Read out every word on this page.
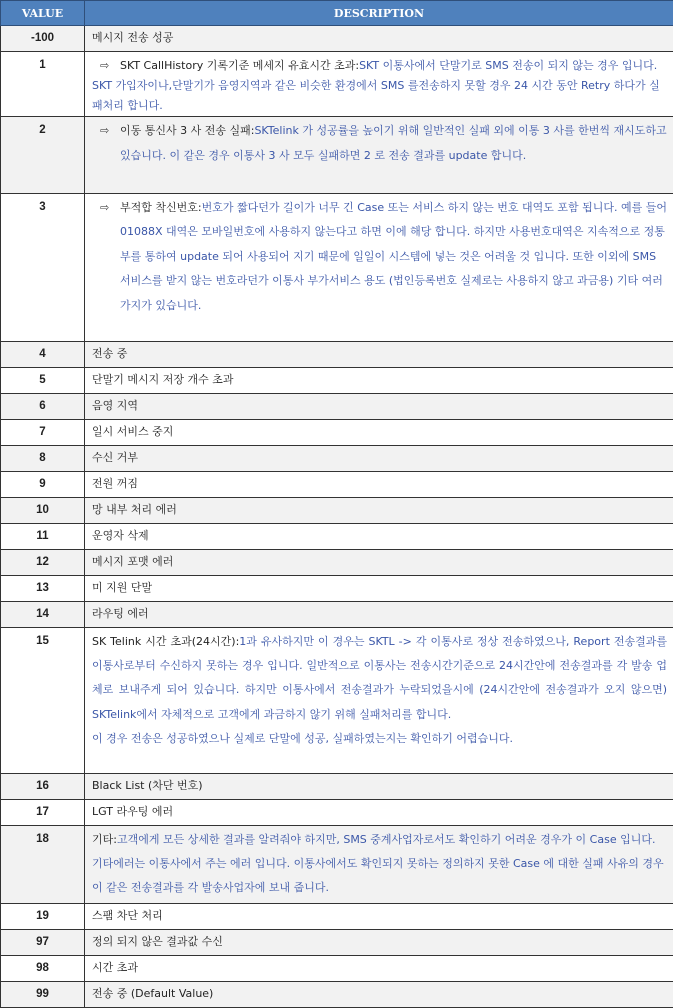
VALUE	DESCRIPTION
-100	메시지 전송 성공
1	⇨ SKT CallHistory 기록기준 메세지 유효시간 초과:SKT 이통사에서 단말기로 SMS 전송이 되지 않는 경우 입니다. SKT 가입자이나,단말기가 음영지역과 같은 비슷한 환경에서 SMS 를전송하지 못할 경우 24 시간 동안 Retry 하다가 실패처리 합니다.

2	⇨ 이동 통신사 3 사 전송 실패:SKTelink 가 성공률을 높이기 위해 일반적인 실패 외에 이통 3 사를 한번씩 재시도하고 있습니다. 이 같은 경우 이통사 3 사 모두 실패하면 2 로 전송 결과를 update 합니다.

3	⇨ 부적합 착신번호:번호가 짧다던가 길이가 너무 긴 Case 또는 서비스 하지 않는 번호 대역도 포함 됩니다. 예를 들어 01088X 대역은 모바일번호에 사용하지 않는다고 하면 이에 해당 합니다. 하지만 사용번호대역은 지속적으로 정통부를 통하여 update 되어 사용되어 지기 때문에 일일이 시스템에 넣는 것은 어려울 것 입니다. 또한 이외에 SMS 서비스를 받지 않는 번호라던가 이통사 부가서비스 용도 (법인등록번호 실제로는 사용하지 않고 과금용) 기타 여러 가지가 있습니다.

4	전송 중
5	단말기 메시지 저장 개수 초과
6	음영 지역
7	일시 서비스 중지
8	수신 거부
9	전원 꺼짐
10	망 내부 처리 에러
11	운영자 삭제
12	메시지 포맷 에러
13	미 지원 단말
14	라우팅 에러
15	SK Telink 시간 초과(24시간):1과 유사하지만 이 경우는 SKTL -> 각 이통사로 정상 전송하였으나, Report 전송결과를 이통사로부터 수신하지 못하는 경우 입니다. 일반적으로 이통사는 전송시간기준으로 24시간안에 전송결과를 각 발송 업체로 보내주게 되어 있습니다. 하지만 이통사에서 전송결과가 누락되었을시에 (24시간안에 전송결과가 오지 않으면) SKTelink에서 자체적으로 고객에게 과금하지 않기 위해 실패처리를 합니다.
이 경우 전송은 성공하였으나 실제로 단말에 성공, 실패하였는지는 확인하기 어렵습니다.
16	Black List (차단 번호)
17	LGT 라우팅 에러
18	기타:고객에게 모든 상세한 결과를 알려줘야 하지만, SMS 중계사업자로서도 확인하기 어려운 경우가 이 Case 입니다. 기타에러는 이통사에서 주는 에러 입니다. 이통사에서도 확인되지 못하는 정의하지 못한 Case 에 대한 실패 사유의 경우 이 같은 전송결과를 각 발송사업자에 보내 줍니다.
19	스팸 차단 처리
97	정의 되지 않은 결과값 수신
98	시간 초과
99	전송 중 (Default Value)
